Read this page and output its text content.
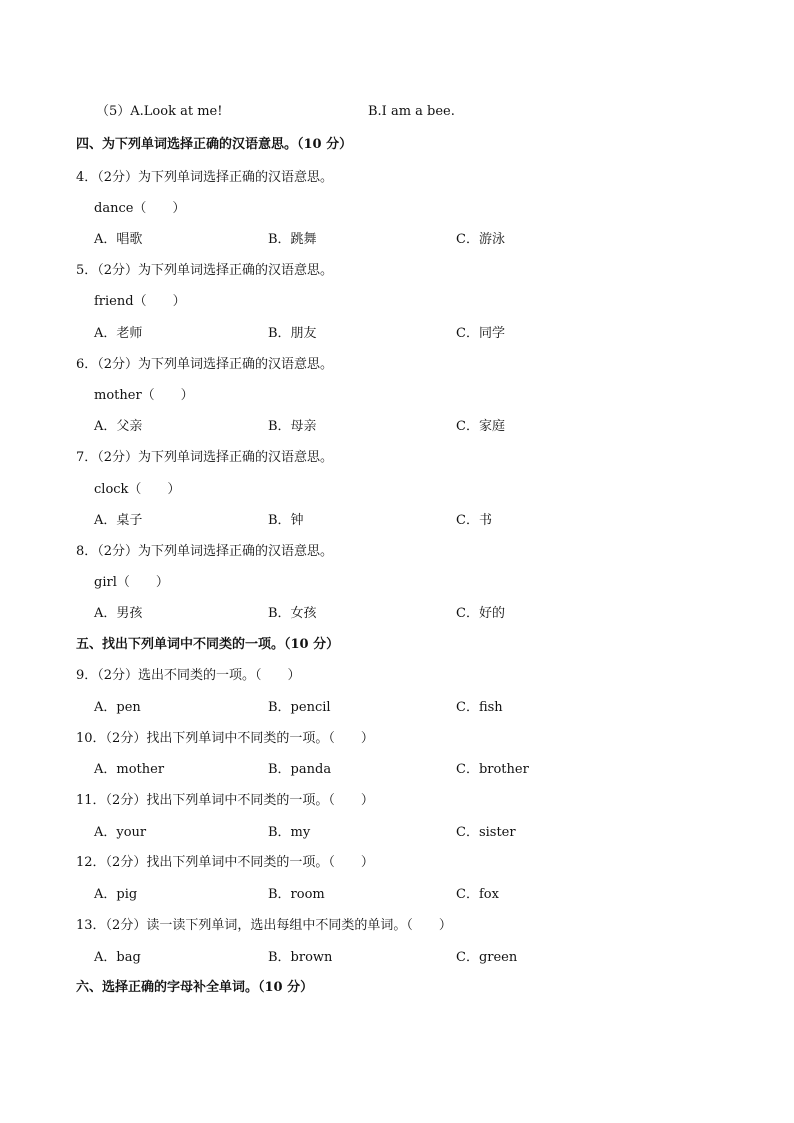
（5）A.Look at me!	B.I am a bee.
四、为下列单词选择正确的汉语意思。（10 分）
4．（2分）为下列单词选择正确的汉语意思。
dance（　　）
A．唱歌	B．跳舞	C．游泳
5．（2分）为下列单词选择正确的汉语意思。
friend（　　）
A．老师	B．朋友	C．同学
6．（2分）为下列单词选择正确的汉语意思。
mother（　　）
A．父亲	B．母亲	C．家庭
7．（2分）为下列单词选择正确的汉语意思。
clock（　　）
A．桌子	B．钟	C．书
8．（2分）为下列单词选择正确的汉语意思。
girl（　　）
A．男孩	B．女孩	C．好的
五、找出下列单词中不同类的一项。（10 分）
9．（2分）选出不同类的一项。（　　）
A．pen	B．pencil	C．fish
10．（2分）找出下列单词中不同类的一项。（　　）
A．mother	B．panda	C．brother
11．（2分）找出下列单词中不同类的一项。（　　）
A．your	B．my	C．sister
12．（2分）找出下列单词中不同类的一项。（　　）
A．pig	B．room	C．fox
13．（2分）读一读下列单词，选出每组中不同类的单词。（　　）
A．bag	B．brown	C．green
六、选择正确的字母补全单词。（10 分）
